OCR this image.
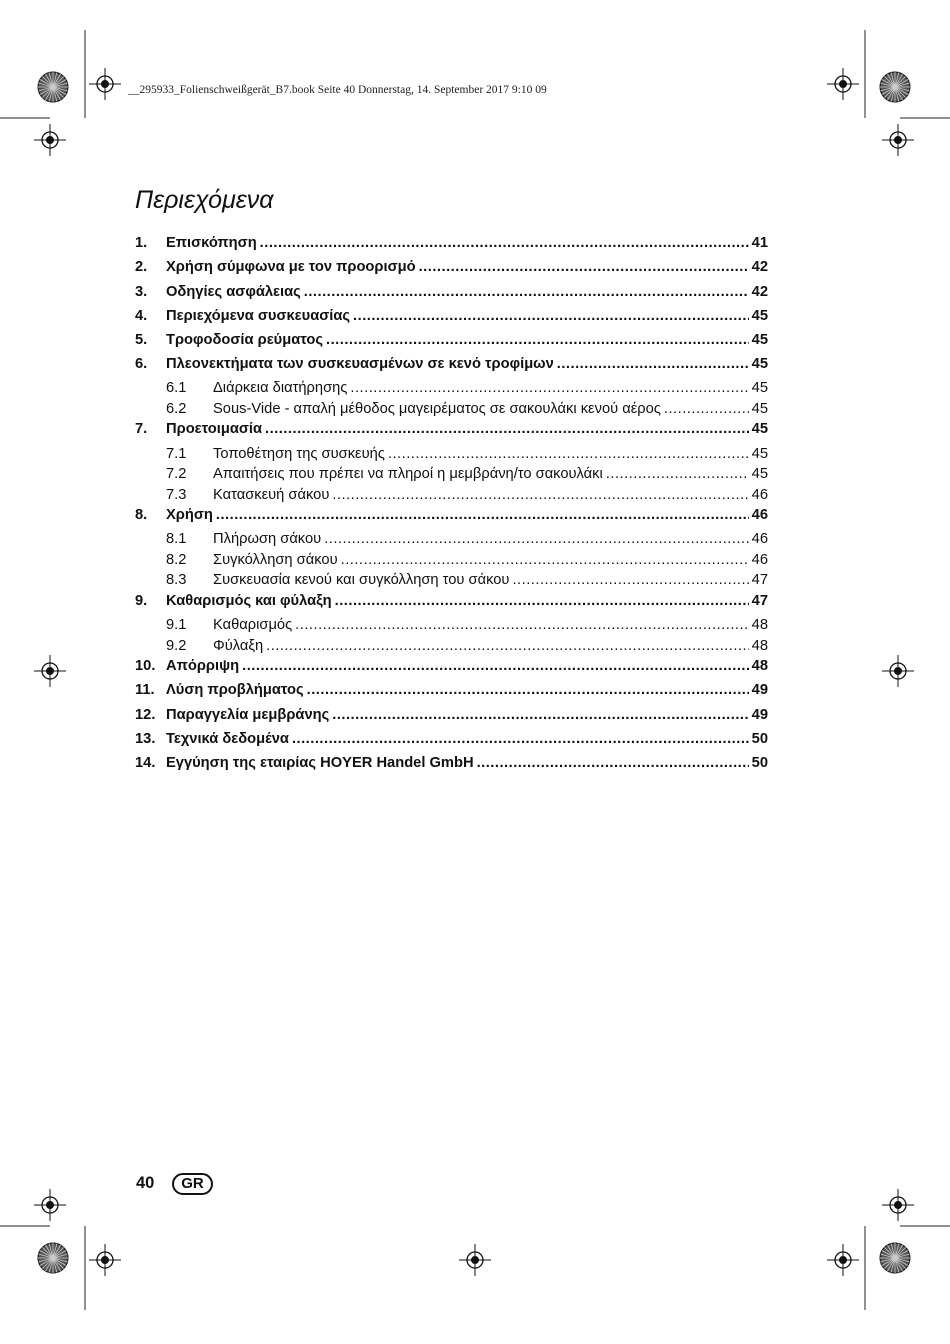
__295933_Folienschweißgerät_B7.book Seite 40 Donnerstag, 14. September 2017 9:10 09
Περιεχόμενα
1.	Επισκόπηση .....	41
2.	Χρήση σύμφωνα με τον προορισμό .....	42
3.	Οδηγίες ασφάλειας .....	42
4.	Περιεχόμενα συσκευασίας .....	45
5.	Τροφοδοσία ρεύματος .....	45
6.	Πλεονεκτήματα των συσκευασμένων σε κενό τροφίμων .....	45
6.1	Διάρκεια διατήρησης .....	45
6.2	Sous-Vide - απαλή μέθοδος μαγειρέματος σε σακουλάκι κενού αέρος .....	45
7.	Προετοιμασία .....	45
7.1	Τοποθέτηση της συσκευής .....	45
7.2	Απαιτήσεις που πρέπει να πληροί η μεμβράνη/το σακουλάκι .....	45
7.3	Κατασκευή σάκου .....	46
8.	Χρήση .....	46
8.1	Πλήρωση σάκου .....	46
8.2	Συγκόλληση σάκου .....	46
8.3	Συσκευασία κενού και συγκόλληση του σάκου .....	47
9.	Καθαρισμός και φύλαξη .....	47
9.1	Καθαρισμός .....	48
9.2	Φύλαξη .....	48
10. Απόρριψη .....	48
11. Λύση προβλήματος .....	49
12. Παραγγελία μεμβράνης .....	49
13. Τεχνικά δεδομένα .....	50
14. Εγγύηση της εταιρίας HOYER Handel GmbH .....	50
40	GR
